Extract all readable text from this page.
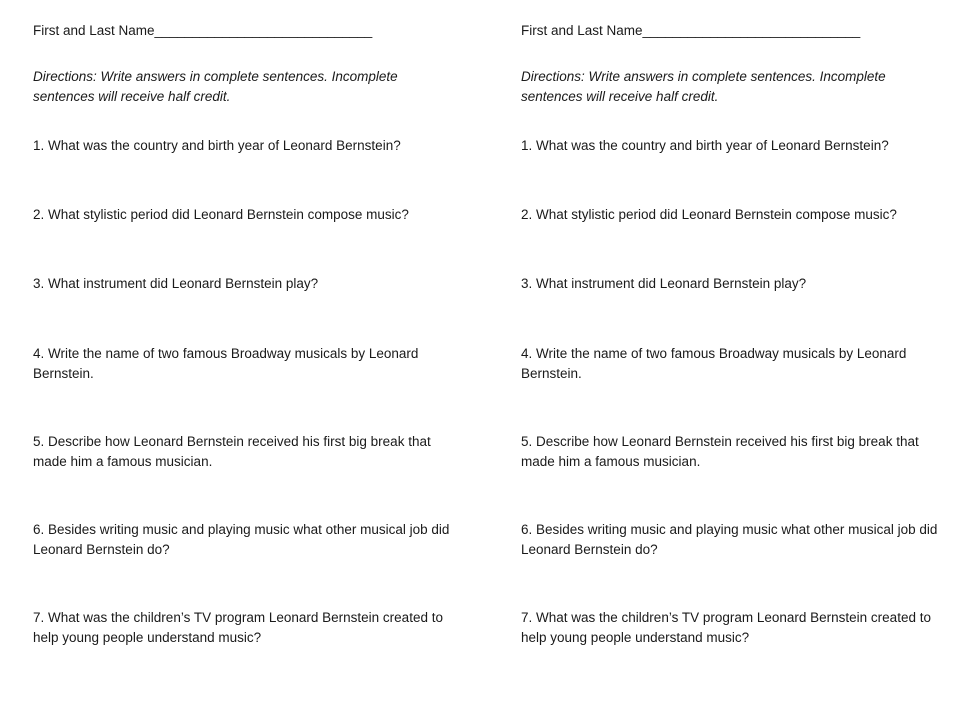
First and Last Name_____________________________
Directions: Write answers in complete sentences. Incomplete sentences will receive half credit.
1. What was the country and birth year of Leonard Bernstein?
2. What stylistic period did Leonard Bernstein compose music?
3. What instrument did Leonard Bernstein play?
4. Write the name of two famous Broadway musicals by Leonard Bernstein.
5. Describe how Leonard Bernstein received his first big break that made him a famous musician.
6. Besides writing music and playing music what other musical job did Leonard Bernstein do?
7. What was the children’s TV program Leonard Bernstein created to help young people understand music?
First and Last Name_____________________________
Directions: Write answers in complete sentences. Incomplete sentences will receive half credit.
1. What was the country and birth year of Leonard Bernstein?
2. What stylistic period did Leonard Bernstein compose music?
3. What instrument did Leonard Bernstein play?
4. Write the name of two famous Broadway musicals by Leonard Bernstein.
5. Describe how Leonard Bernstein received his first big break that made him a famous musician.
6. Besides writing music and playing music what other musical job did Leonard Bernstein do?
7. What was the children’s TV program Leonard Bernstein created to help young people understand music?
